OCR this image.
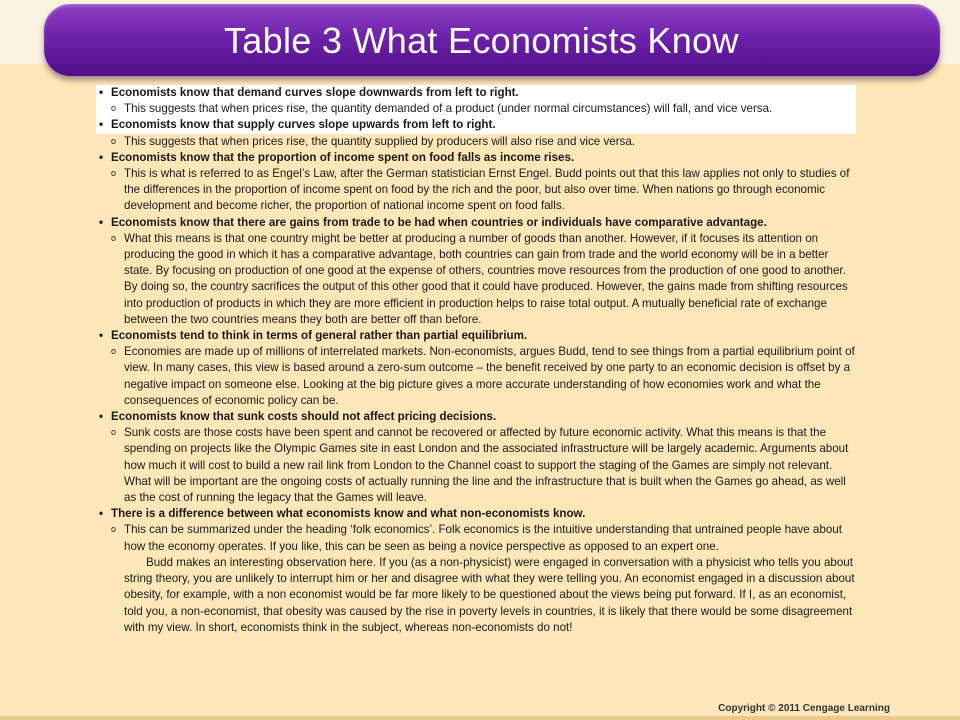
Table 3 What Economists Know

• Economists know that demand curves slope downwards from left to right.

o This suggests that when prices rise, the quantity demanded of a product (under normal circumstances) will fall, and vice versa.

• Economists know that supply curves slope upwards from left to right.

o This suggests that when prices rise, the quantity supplied by producers will also rise and vice versa.

• Economists know that the proportion of income spent on food falls as income rises.

o This is what is referred to as Engel’s Law, after the German statistician Ernst Engel. Budd points out that this law applies not only to studies of the differences in the proportion of income spent on food by the rich and the poor, but also over time. When nations go through economic development and become richer, the proportion of national income spent on food falls.

• Economists know that there are gains from trade to be had when countries or individuals have comparative advantage.

o What this means is that one country might be better at producing a number of goods than another. However, if it focuses its attention on producing the good in which it has a comparative advantage, both countries can gain from trade and the world economy will be in a better state. By focusing on production of one good at the expense of others, countries move resources from the production of one good to another. By doing so, the country sacrifices the output of this other good that it could have produced. However, the gains made from shifting resources into production of products in which they are more efficient in production helps to raise total output. A mutually beneficial rate of exchange between the two countries means they both are better off than before.

• Economists tend to think in terms of general rather than partial equilibrium.

o Economies are made up of millions of interrelated markets. Non-economists, argues Budd, tend to see things from a partial equilibrium point of view. In many cases, this view is based around a zero-sum outcome – the benefit received by one party to an economic decision is offset by a negative impact on someone else. Looking at the big picture gives a more accurate understanding of how economies work and what the consequences of economic policy can be.

• Economists know that sunk costs should not affect pricing decisions.

o Sunk costs are those costs have been spent and cannot be recovered or affected by future economic activity. What this means is that the spending on projects like the Olympic Games site in east London and the associated infrastructure will be largely academic. Arguments about how much it will cost to build a new rail link from London to the Channel coast to support the staging of the Games are simply not relevant. What will be important are the ongoing costs of actually running the line and the infrastructure that is built when the Games go ahead, as well as the cost of running the legacy that the Games will leave.

• There is a difference between what economists know and what non-economists know.

o This can be summarized under the heading ‘folk economics’. Folk economics is the intuitive understanding that untrained people have about how the economy operates. If you like, this can be seen as being a novice perspective as opposed to an expert one.

Budd makes an interesting observation here. If you (as a non-physicist) were engaged in conversation with a physicist who tells you about string theory, you are unlikely to interrupt him or her and disagree with what they were telling you. An economist engaged in a discussion about obesity, for example, with a non economist would be far more likely to be questioned about the views being put forward. If I, as an economist, told you, a non-economist, that obesity was caused by the rise in poverty levels in countries, it is likely that there would be some disagreement with my view. In short, economists think in the subject, whereas non-economists do not!

Copyright © 2011 Cengage Learning
